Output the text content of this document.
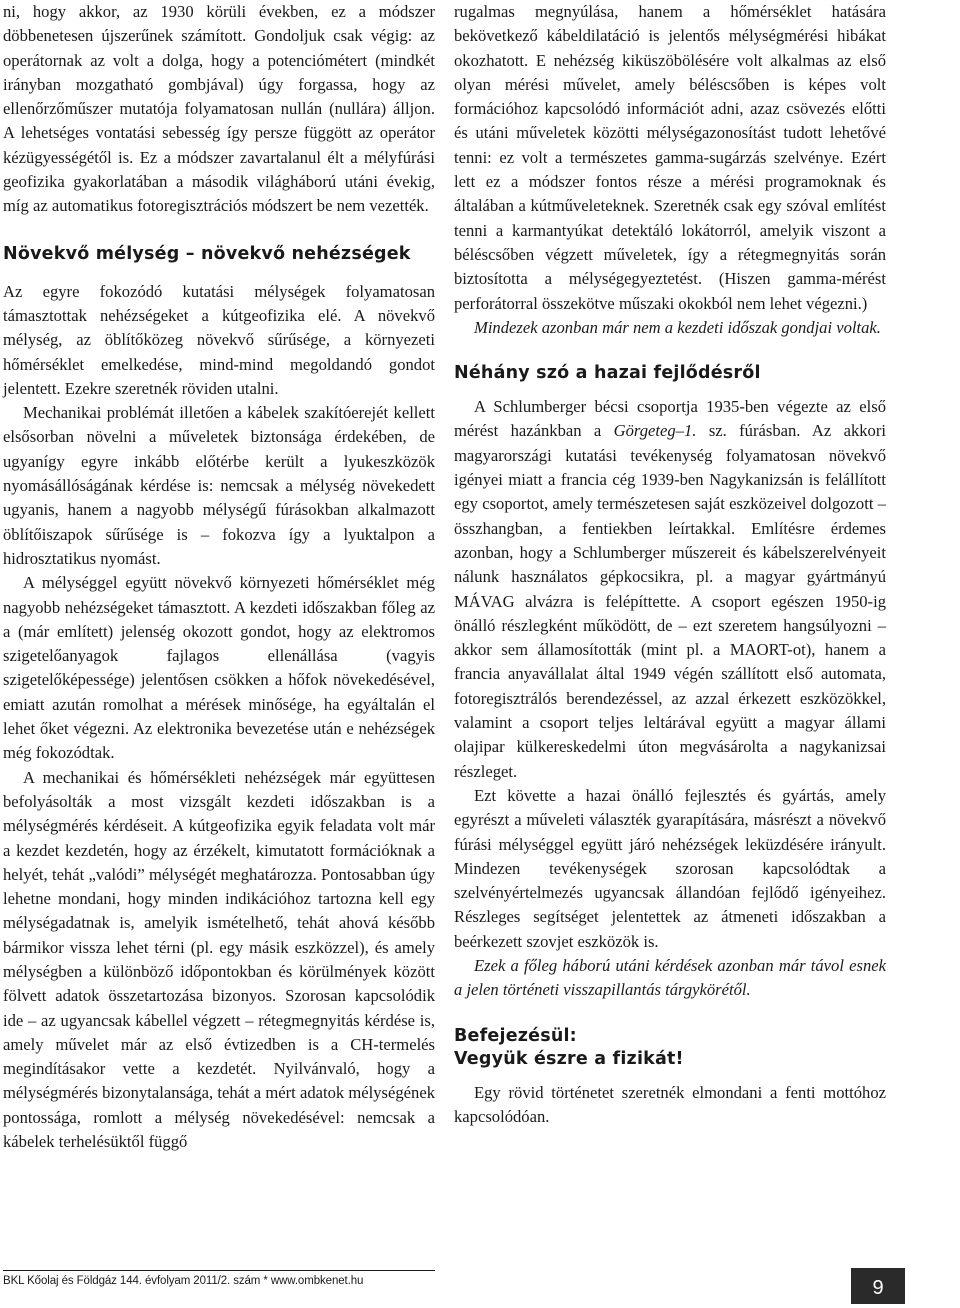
ni, hogy akkor, az 1930 körüli években, ez a módszer döbbenetesen újszerűnek számított. Gondoljuk csak végig: az operátornak az volt a dolga, hogy a potenciómétert (mindkét irányban mozgatható gombjával) úgy forgassa, hogy az ellenőrzőműszer mutatója folyamatosan nullán (nullára) álljon. A lehetséges vontatási sebesség így persze függött az operátor kézügyességétől is. Ez a módszer zavartalanul élt a mélyfúrási geofizika gyakorlatában a második világháború utáni évekig, míg az automatikus fotoregisztrációs módszert be nem vezették.

Növekvő mélység – növekvő nehézségek

Az egyre fokozódó kutatási mélységek folyamatosan támasztottak nehézségeket a kútgeofizika elé. A növekvő mélység, az öblítőközeg növekvő sűrűsége, a környezeti hőmérséklet emelkedése, mind-mind megoldandó gondot jelentett. Ezekre szeretnék röviden utalni.

Mechanikai problémát illetően a kábelek szakítóerejét kellett elsősorban növelni a műveletek biztonsága érdekében, de ugyanígy egyre inkább előtérbe került a lyukeszközök nyomásállóságának kérdése is: nemcsak a mélység növekedett ugyanis, hanem a nagyobb mélységű fúrásokban alkalmazott öblítőiszapok sűrűsége is – fokozva így a lyuktalpon a hidrosztatikus nyomást.

A mélységgel együtt növekvő környezeti hőmérséklet még nagyobb nehézségeket támasztott. A kezdeti időszakban főleg az a (már említett) jelenség okozott gondot, hogy az elektromos szigetelőanyagok fajlagos ellenállása (vagyis szigetelőképessége) jelentősen csökken a hőfok növekedésével, emiatt azután romolhat a mérések minősége, ha egyáltalán el lehet őket végezni. Az elektronika bevezetése után e nehézségek még fokozódtak.

A mechanikai és hőmérsékleti nehézségek már együttesen befolyásolták a most vizsgált kezdeti időszakban is a mélységmérés kérdéseit. A kútgeofizika egyik feladata volt már a kezdet kezdetén, hogy az érzékelt, kimutatott formációknak a helyét, tehát „valódi” mélységét meghatározza. Pontosabban úgy lehetne mondani, hogy minden indikációhoz tartozna kell egy mélységadatnak is, amelyik ismételhető, tehát ahová később bármikor vissza lehet térni (pl. egy másik eszközzel), és amely mélységben a különböző időpontokban és körülmények között fölvett adatok összetartozása bizonyos. Szorosan kapcsolódik ide – az ugyancsak kábellel végzett – rétegmegnyitás kérdése is, amely művelet már az első évtizedben is a CH-termelés megindításakor vette a kezdetét. Nyilvánvaló, hogy a mélységmérés bizonytalansága, tehát a mért adatok mélységének pontossága, romlott a mélység növekedésével: nemcsak a kábelek terhelésüktől függő

rugalmas megnyúlása, hanem a hőmérséklet hatására bekövetkező kábeldilatáció is jelentős mélységmérési hibákat okozhatott. E nehézség kiküszöbölésére volt alkalmas az első olyan mérési művelet, amely béléscsőben is képes volt formációhoz kapcsolódó információt adni, azaz csövezés előtti és utáni műveletek közötti mélységazonosítást tudott lehetővé tenni: ez volt a természetes gamma-sugárzás szelvénye. Ezért lett ez a módszer fontos része a mérési programoknak és általában a kútműveleteknek. Szeretnék csak egy szóval említést tenni a karmantyúkat detektáló lokátorról, amelyik viszont a béléscsőben végzett műveletek, így a rétegmegnyitás során biztosította a mélységegyeztetést. (Hiszen gamma-mérést perforátorral összekötve műszaki okokból nem lehet végezni.)

Mindezek azonban már nem a kezdeti időszak gondjai voltak.

Néhány szó a hazai fejlődésről

A Schlumberger bécsi csoportja 1935-ben végezte az első mérést hazánkban a Görgeteg–1. sz. fúrásban. Az akkori magyarországi kutatási tevékenység folyamatosan növekvő igényei miatt a francia cég 1939-ben Nagykanizsán is felállított egy csoportot, amely természetesen saját eszközeivel dolgozott – összhangban, a fentiekben leírtakkal. Említésre érdemes azonban, hogy a Schlumberger műszereit és kábelszerelvényeit nálunk használatos gépkocsikra, pl. a magyar gyártmányú MÁVAG alvázra is felépíttette. A csoport egészen 1950-ig önálló részlegként működött, de – ezt szeretem hangsúlyozni – akkor sem államosították (mint pl. a MAORT-ot), hanem a francia anyavállalat által 1949 végén szállított első automata, fotoregisztrálós berendezéssel, az azzal érkezett eszközökkel, valamint a csoport teljes leltárával együtt a magyar állami olajipar külkereskedelmi úton megvásárolta a nagykanizsai részleget.

Ezt követte a hazai önálló fejlesztés és gyártás, amely egyrészt a műveleti választék gyarapítására, másrészt a növekvő fúrási mélységgel együtt járó nehézségek leküzdésére irányult. Mindezen tevékenységek szorosan kapcsolódtak a szelvényértelmezés ugyancsak állandóan fejlődő igényeihez. Részleges segítséget jelentettek az átmeneti időszakban a beérkezett szovjet eszközök is.

Ezek a főleg háború utáni kérdések azonban már távol esnek a jelen történeti visszapillantás tárgykörétől.

Befejezésül:
Vegyük észre a fizikát!

Egy rövid történetet szeretnék elmondani a fenti mottóhoz kapcsolódóan.

BKL Kőolaj és Földgáz 144. évfolyam 2011/2. szám * www.ombkenet.hu	9
